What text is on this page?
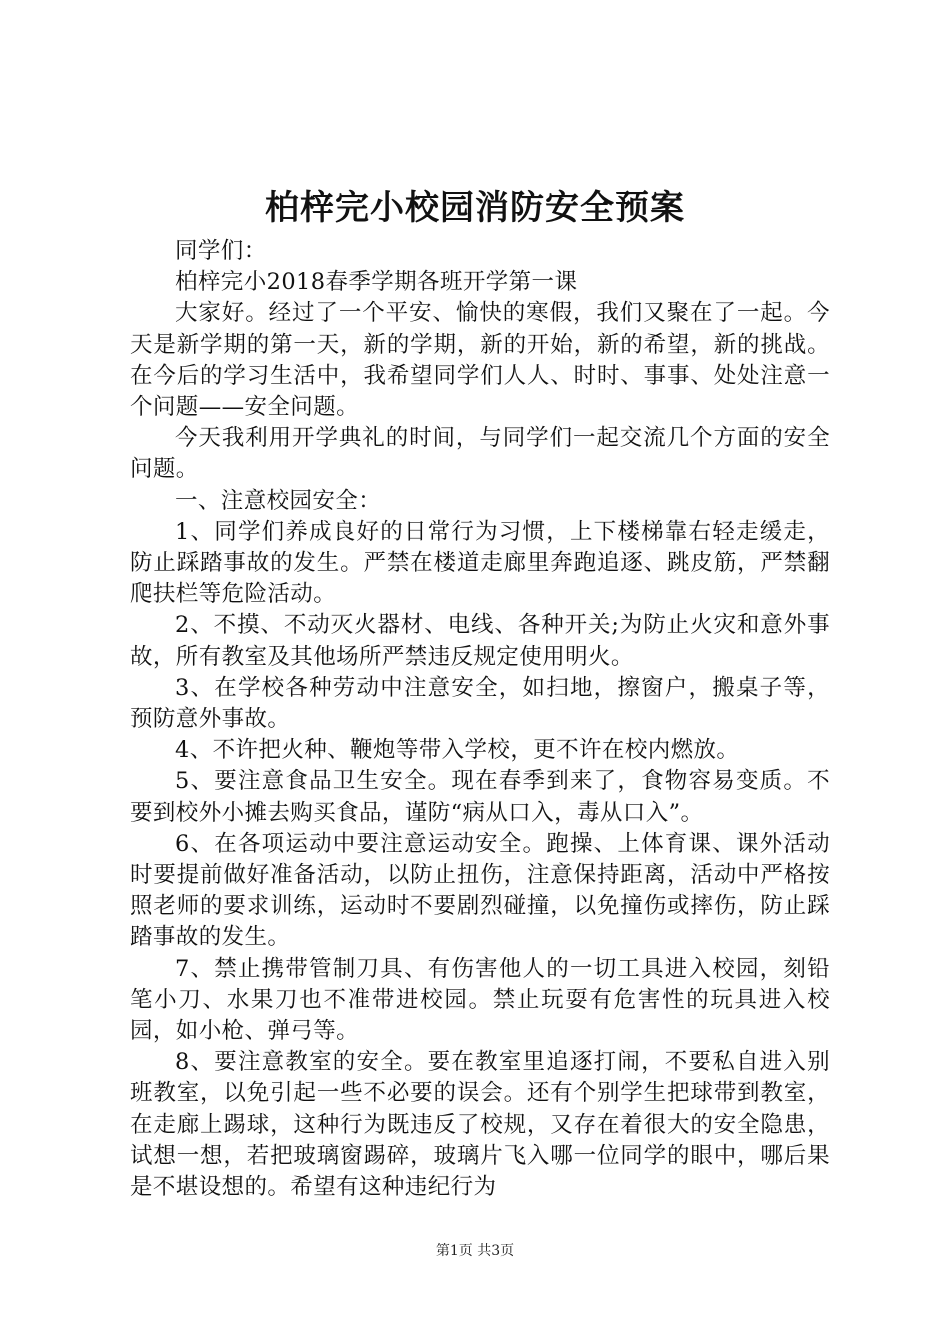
柏梓完小校园消防安全预案

同学们：

柏梓完小2018春季学期各班开学第一课

大家好。经过了一个平安、愉快的寒假，我们又聚在了一起。今天是新学期的第一天，新的学期，新的开始，新的希望，新的挑战。在今后的学习生活中，我希望同学们人人、时时、事事、处处注意一个问题——安全问题。

今天我利用开学典礼的时间，与同学们一起交流几个方面的安全问题。

一、注意校园安全：

1、同学们养成良好的日常行为习惯，上下楼梯靠右轻走缓走，防止踩踏事故的发生。严禁在楼道走廊里奔跑追逐、跳皮筋，严禁翻爬扶栏等危险活动。

2、不摸、不动灭火器材、电线、各种开关;为防止火灾和意外事故，所有教室及其他场所严禁违反规定使用明火。

3、在学校各种劳动中注意安全，如扫地，擦窗户，搬桌子等，预防意外事故。

4、不许把火种、鞭炮等带入学校，更不许在校内燃放。

5、要注意食品卫生安全。现在春季到来了，食物容易变质。不要到校外小摊去购买食品，谨防“病从口入，毒从口入”。

6、在各项运动中要注意运动安全。跑操、上体育课、课外活动时要提前做好准备活动，以防止扭伤，注意保持距离，活动中严格按照老师的要求训练，运动时不要剧烈碰撞，以免撞伤或摔伤，防止踩踏事故的发生。

7、禁止携带管制刀具、有伤害他人的一切工具进入校园，刻铅笔小刀、水果刀也不准带进校园。禁止玩耍有危害性的玩具进入校园，如小枪、弹弓等。

8、要注意教室的安全。要在教室里追逐打闹，不要私自进入别班教室，以免引起一些不必要的误会。还有个别学生把球带到教室，在走廊上踢球，这种行为既违反了校规，又存在着很大的安全隐患，试想一想，若把玻璃窗踢碎，玻璃片飞入哪一位同学的眼中，哪后果是不堪设想的。希望有这种违纪行为

第1页 共3页
